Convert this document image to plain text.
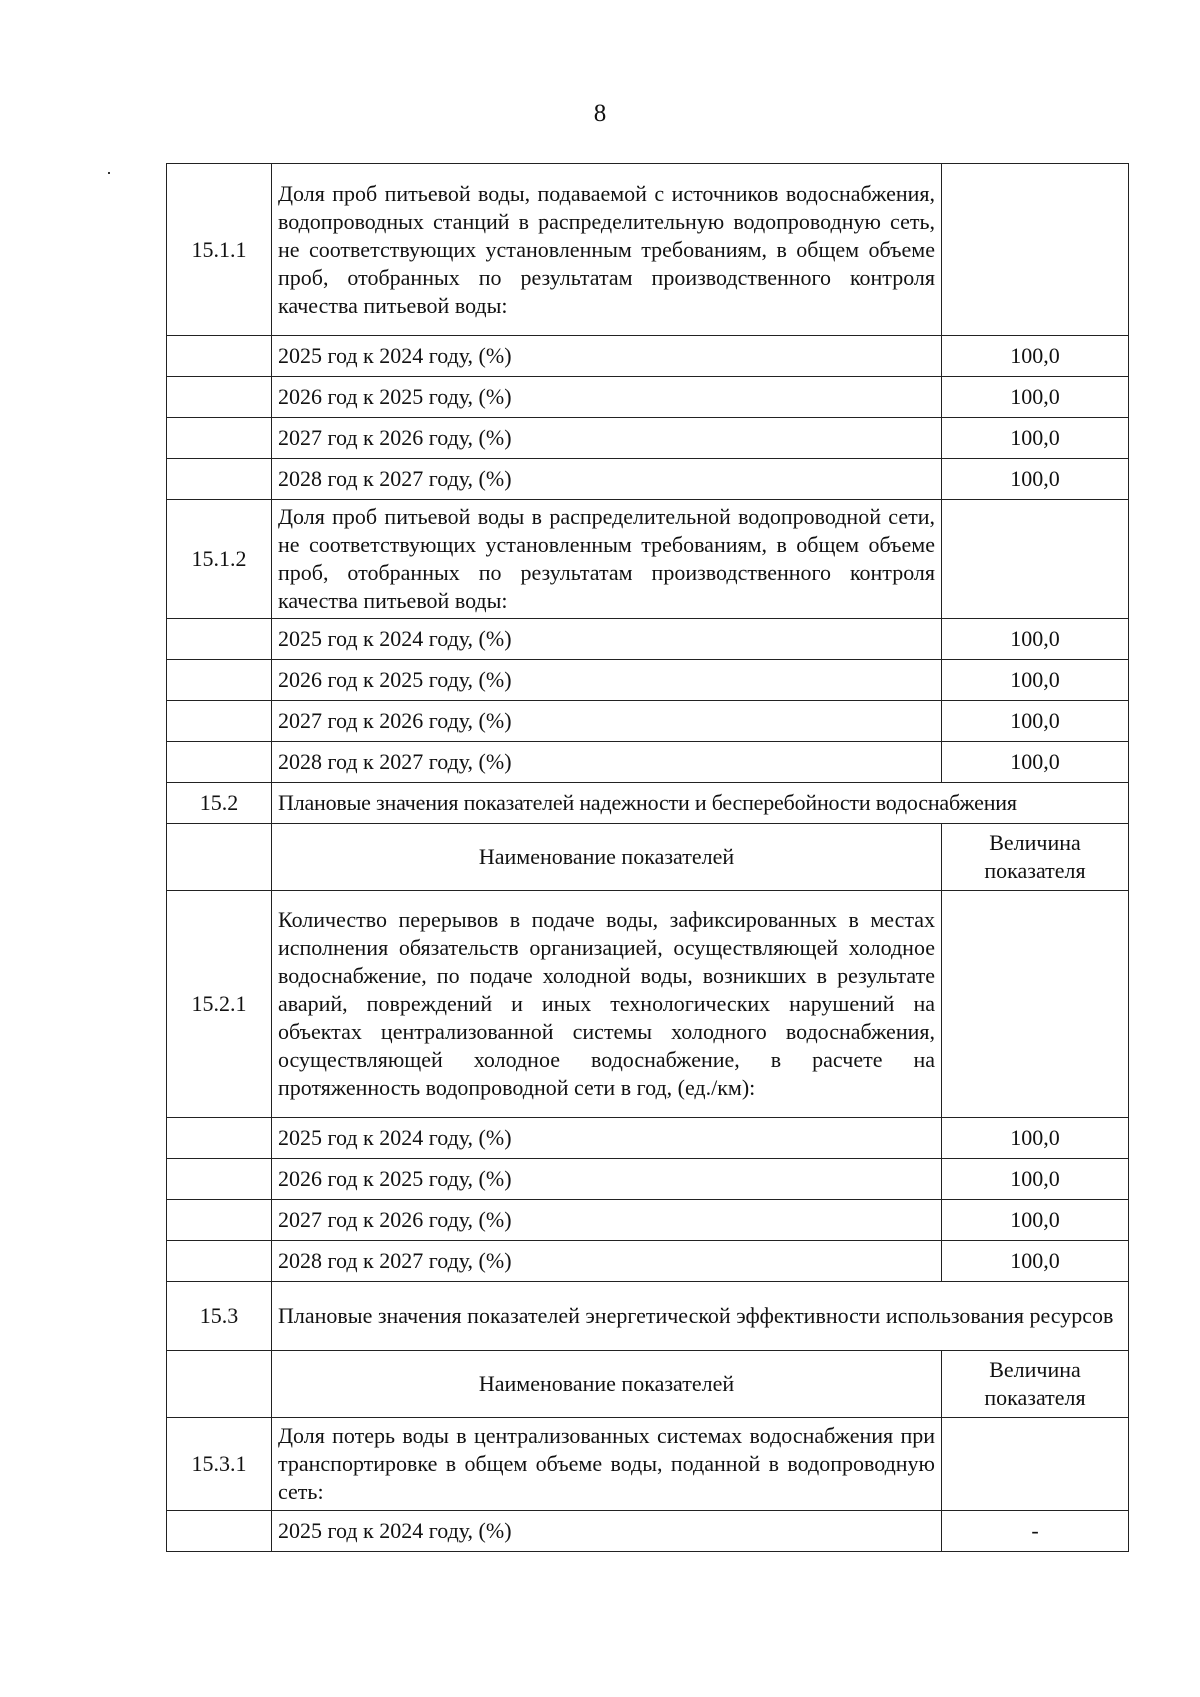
8
15.1.1	Доля проб питьевой воды, подаваемой с источников водоснабжения, водопроводных станций в распределительную водопроводную сеть, не соответствующих установленным требованиям, в общем объеме проб, отобранных по результатам производственного контроля качества питьевой воды:	
	2025 год к 2024 году, (%)	100,0
	2026 год к 2025 году, (%)	100,0
	2027 год к 2026 году, (%)	100,0
	2028 год к 2027 году, (%)	100,0
15.1.2	Доля проб питьевой воды в распределительной водопроводной сети, не соответствующих установленным требованиям, в общем объеме проб, отобранных по результатам производственного контроля качества питьевой воды:	
	2025 год к 2024 году, (%)	100,0
	2026 год к 2025 году, (%)	100,0
	2027 год к 2026 году, (%)	100,0
	2028 год к 2027 году, (%)	100,0
15.2	Плановые значения показателей надежности и бесперебойности водоснабжения	
	Наименование показателей	Величина показателя
15.2.1	Количество перерывов в подаче воды, зафиксированных в местах исполнения обязательств организацией, осуществляющей холодное водоснабжение, по подаче холодной воды, возникших в результате аварий, повреждений и иных технологических нарушений на объектах централизованной системы холодного водоснабжения, осуществляющей холодное водоснабжение, в расчете на протяженность водопроводной сети в год, (ед./км):	
	2025 год к 2024 году, (%)	100,0
	2026 год к 2025 году, (%)	100,0
	2027 год к 2026 году, (%)	100,0
	2028 год к 2027 году, (%)	100,0
15.3	Плановые значения показателей энергетической эффективности использования ресурсов	
	Наименование показателей	Величина показателя
15.3.1	Доля потерь воды в централизованных системах водоснабжения при транспортировке в общем объеме воды, поданной в водопроводную сеть:	
	2025 год к 2024 году, (%)	-
